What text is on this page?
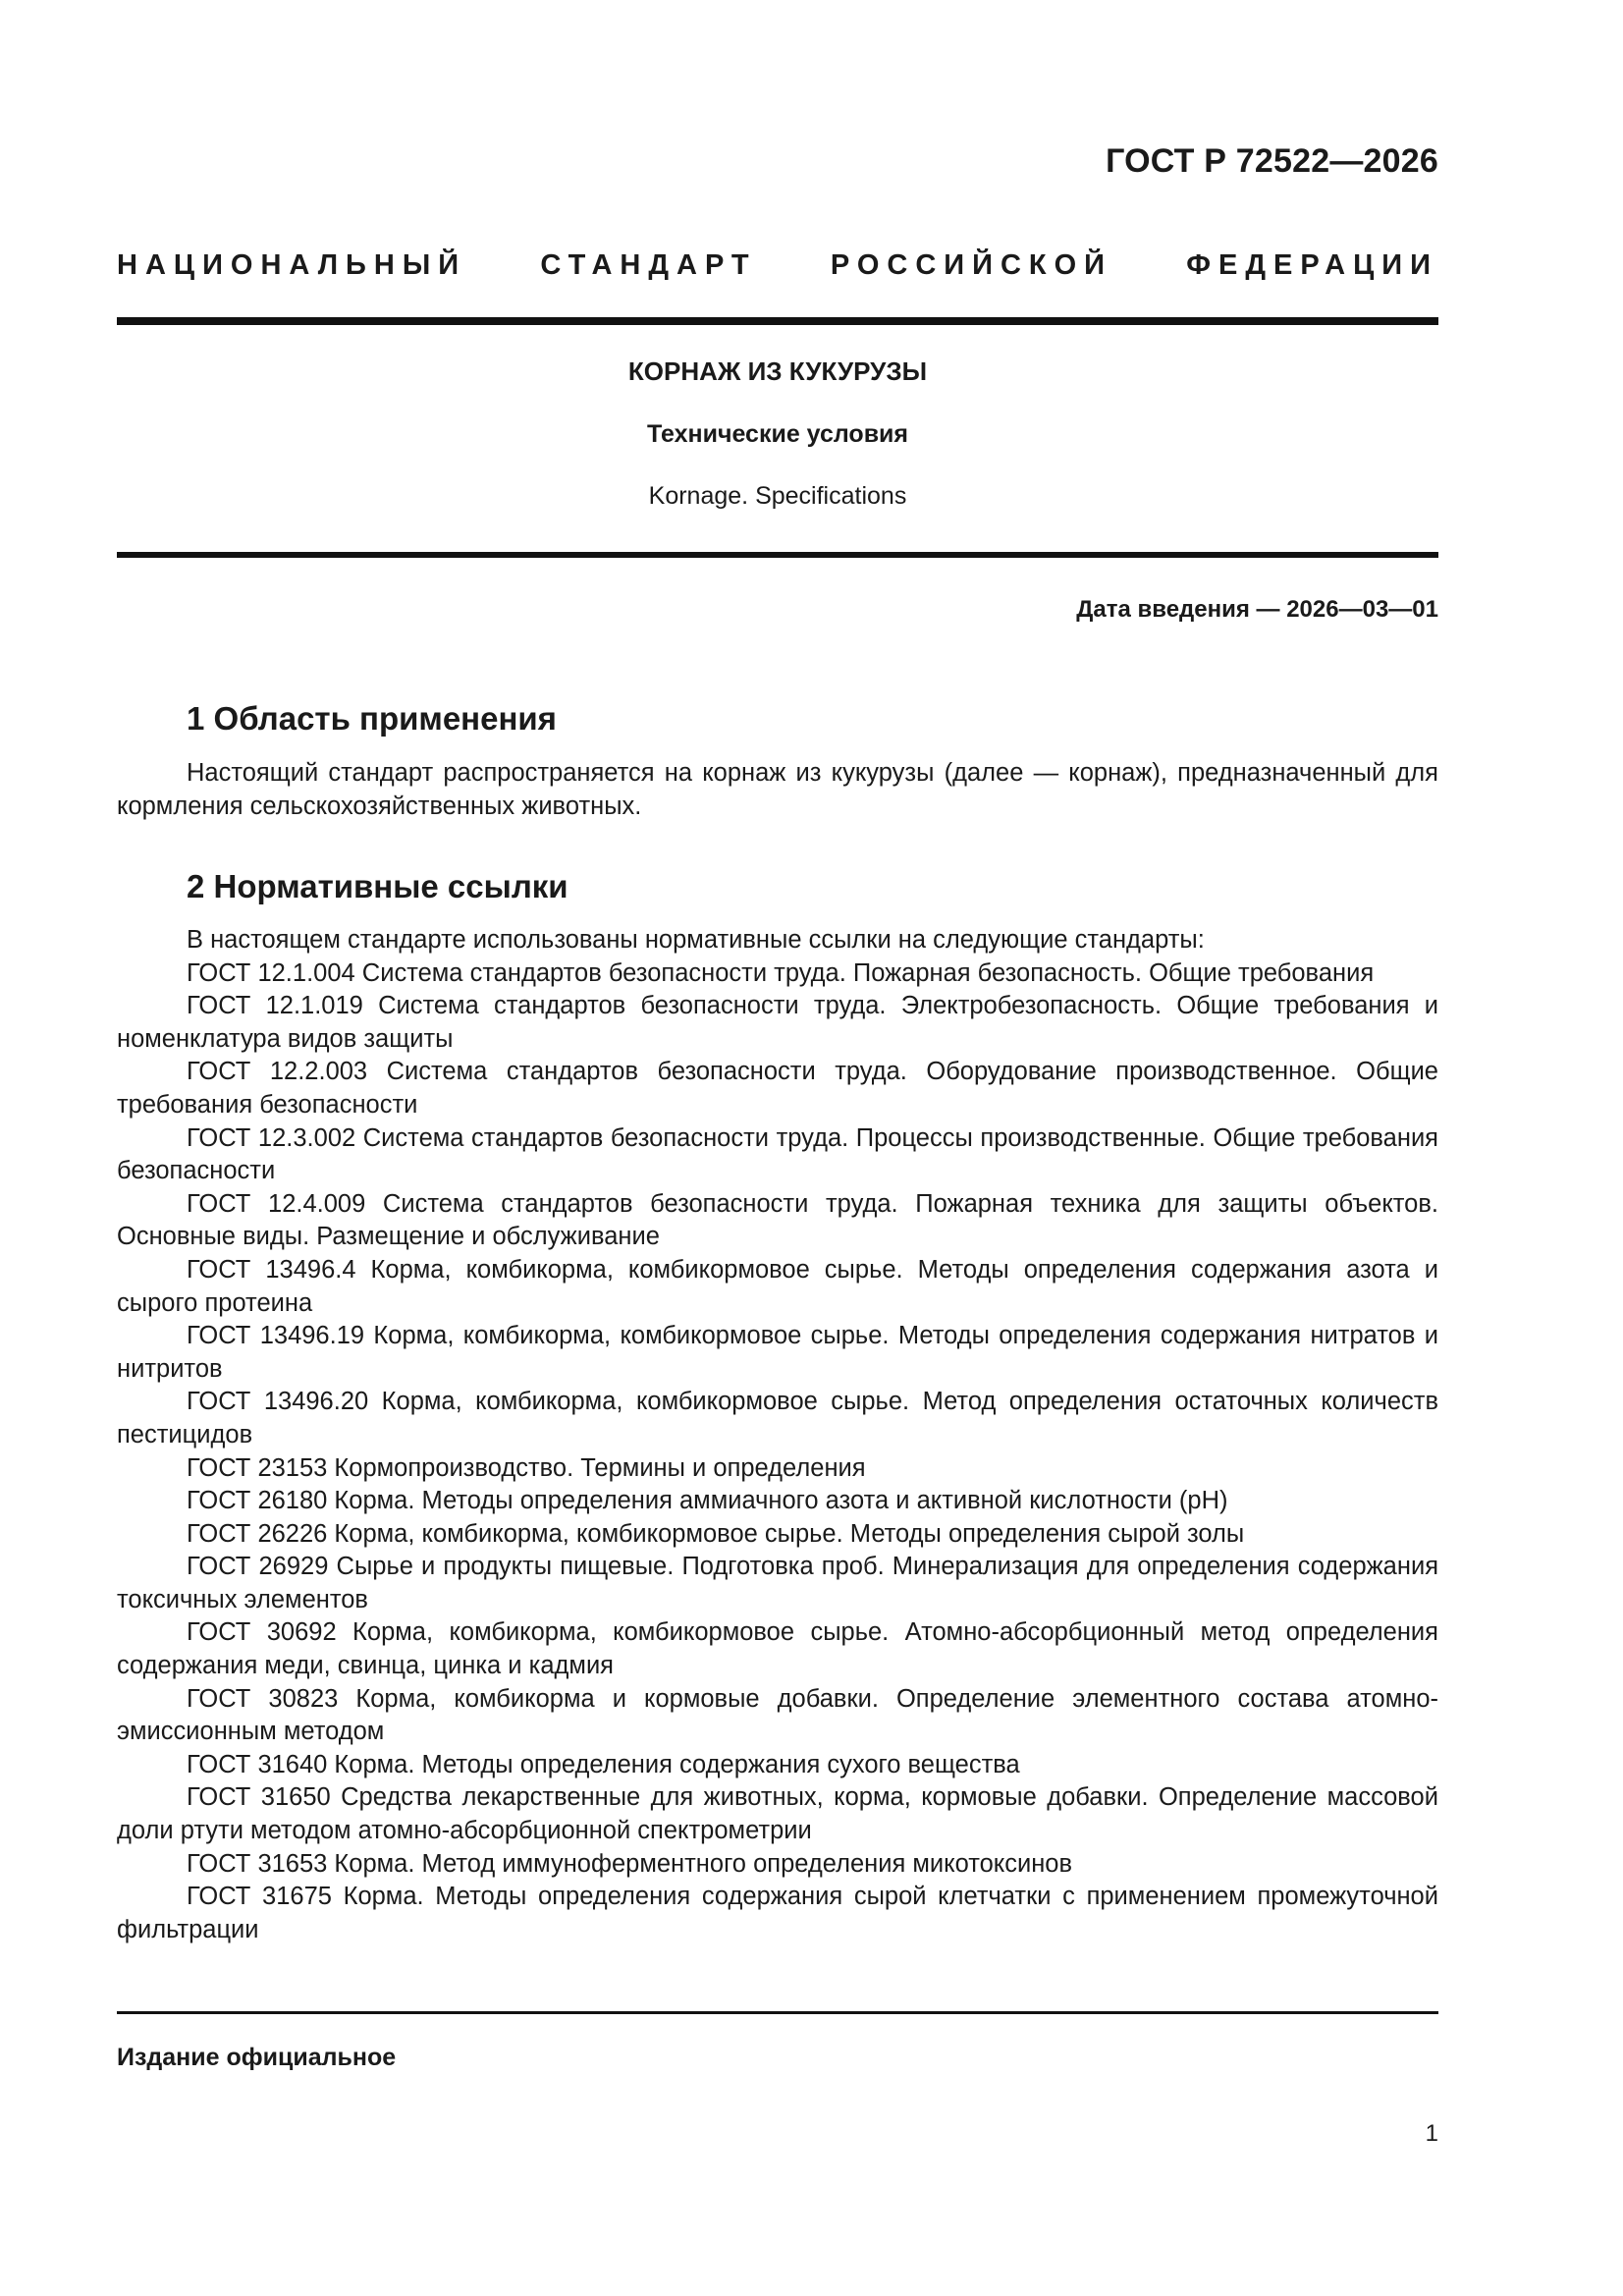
ГОСТ Р 72522—2026
НАЦИОНАЛЬНЫЙ СТАНДАРТ РОССИЙСКОЙ ФЕДЕРАЦИИ
КОРНАЖ ИЗ КУКУРУЗЫ
Технические условия
Kornage. Specifications
Дата введения — 2026—03—01
1 Область применения

Настоящий стандарт распространяется на корнаж из кукурузы (далее — корнаж), предназначенный для кормления сельскохозяйственных животных.

2 Нормативные ссылки

В настоящем стандарте использованы нормативные ссылки на следующие стандарты:

ГОСТ 12.1.004 Система стандартов безопасности труда. Пожарная безопасность. Общие требования

ГОСТ 12.1.019 Система стандартов безопасности труда. Электробезопасность. Общие требования и номенклатура видов защиты

ГОСТ 12.2.003 Система стандартов безопасности труда. Оборудование производственное. Общие требования безопасности

ГОСТ 12.3.002 Система стандартов безопасности труда. Процессы производственные. Общие требования безопасности

ГОСТ 12.4.009 Система стандартов безопасности труда. Пожарная техника для защиты объектов. Основные виды. Размещение и обслуживание

ГОСТ 13496.4 Корма, комбикорма, комбикормовое сырье. Методы определения содержания азота и сырого протеина

ГОСТ 13496.19 Корма, комбикорма, комбикормовое сырье. Методы определения содержания нитратов и нитритов

ГОСТ 13496.20 Корма, комбикорма, комбикормовое сырье. Метод определения остаточных количеств пестицидов

ГОСТ 23153 Кормопроизводство. Термины и определения

ГОСТ 26180 Корма. Методы определения аммиачного азота и активной кислотности (pH)

ГОСТ 26226 Корма, комбикорма, комбикормовое сырье. Методы определения сырой золы

ГОСТ 26929 Сырье и продукты пищевые. Подготовка проб. Минерализация для определения содержания токсичных элементов

ГОСТ 30692 Корма, комбикорма, комбикормовое сырье. Атомно-абсорбционный метод определения содержания меди, свинца, цинка и кадмия

ГОСТ 30823 Корма, комбикорма и кормовые добавки. Определение элементного состава атомно-эмиссионным методом

ГОСТ 31640 Корма. Методы определения содержания сухого вещества

ГОСТ 31650 Средства лекарственные для животных, корма, кормовые добавки. Определение массовой доли ртути методом атомно-абсорбционной спектрометрии

ГОСТ 31653 Корма. Метод иммуноферментного определения микотоксинов

ГОСТ 31675 Корма. Методы определения содержания сырой клетчатки с применением промежуточной фильтрации

Издание официальное
1
